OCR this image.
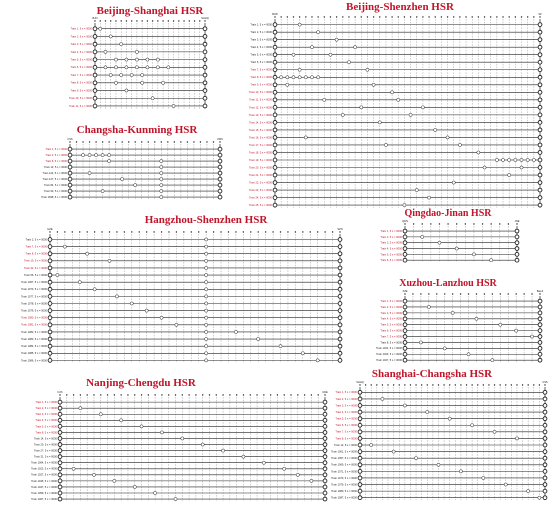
Beijing-Shanghai HSR	Beijing-Shenzhen HSR
Changsha-Kunming HSR
Hangzhou-Shenzhen HSR
Qingdao-Jinan HSR
Xuzhou-Lanzhou HSR
Nanjing-Chengdu HSR
Shanghai-Changsha HSR
BJN	SHHQ
Train 1, 5 s = 0000
Train 2, 5 s = 0000
Train 3, 5 s = 0000
Train 4, 5 s = 0000
Train 5, 5 s = 0000
Train 6, 5 s = 0000
Train 7, 5 s = 0000
Train 8, 5 s = 0000
Train 9, 5 s = 0000
Train 10, 5 s = 0000
Train 11, 5 s = 0000
BJW	SZ
Train 1, 5 s = 0000
Train 2, 5 s = 0000
Train 3, 5 s = 0000
Train 4, 5 s = 0000
Train 5, 5 s = 0000
Train 6, 5 s = 0000
Train 7, 5 s = 0000
Train 8, 5 s = 0000
Train 9, 5 s = 0000
Train 10, 5 s = 0000
Train 11, 5 s = 0000
Train 12, 5 s = 0000
Train 13, 5 s = 0000
Train 14, 5 s = 0000
Train 15, 5 s = 0000
Train 16, 5 s = 0000
Train 17, 5 s = 0000
Train 18, 5 s = 0000
Train 19, 5 s = 0000
Train 20, 5 s = 0000
Train 21, 5 s = 0000
Train 22, 5 s = 0000
Train 23, 5 s = 0000
Train 24, 5 s = 0000
Train 25, 5 s = 0000
CSS	KMS
Train 1, 5 s = 0000
Train 2, 5 s = 0000
Train 8, 5 s = 0000
Train 12, 5 s = 0000
Train 124, 5 s = 0000
Train 127, 5 s = 0000
Train 84, 5 s = 0000
Train 90, 5 s = 0000
Train 1698, 5 s = 0000
HZE	SZN
Train 2, 5 s = 0000
Train 7, 5 s = 0000
Train 8, 5 s = 0000
Train 10, 5 s = 0000
Train 32, 5 s = 0000
Train 56, 5 s = 0000
Train 1067, 5 s = 0000
Train 1073, 5 s = 0000
Train 1077, 5 s = 0000
Train 1078, 5 s = 0000
Train 1079, 5 s = 0000
Train 1080, 5 s = 0000
Train 1081, 5 s = 0000
Train 1082, 5 s = 0000
Train 1083, 5 s = 0000
Train 1084, 5 s = 0000
Train 1085, 5 s = 0000
Train 1086, 5 s = 0000
QDN	JNE
Train 1, 5 s = 0000
Train 2, 5 s = 0000
Train 3, 5 s = 0000
Train 4, 5 s = 0000
Train 5, 5 s = 0000
Train 6, 5 s = 0000
XZE	BaoJi
Train 1, 5 s = 0000
Train 2, 5 s = 0000
Train 3, 5 s = 0000
Train 4, 5 s = 0000
Train 5, 5 s = 0000
Train 6, 5 s = 0000
Train 7, 5 s = 0000
Train 8, 5 s = 0000
Train 1021, 5 s = 0000
Train 1022, 5 s = 0000
Train 1027, 5 s = 0000
NJS	CDE
Train 1, 5 s = 0000
Train 2, 5 s = 0000
Train 3, 5 s = 0000
Train 4, 5 s = 0000
Train 5, 5 s = 0000
Train 8, 5 s = 0000
Train 14, 5 s = 0000
Train 20, 5 s = 0000
Train 27, 5 s = 0000
Train 31, 5 s = 0000
Train 1004, 5 s = 0000
Train 1022, 5 s = 0000
Train 1027, 5 s = 0000
Train 1045, 5 s = 0000
Train 1047, 5 s = 0000
Train 1059, 5 s = 0000
Train 1067, 5 s = 0000
SHHQ	CSS
Train 1, 5 s = 0000
Train 2, 5 s = 0000
Train 3, 5 s = 0000
Train 4, 5 s = 0000
Train 5, 5 s = 0000
Train 6, 5 s = 0000
Train 7, 5 s = 0000
Train 8, 5 s = 0000
Train 12, 5 s = 0000
Train 1001, 5 s = 0000
Train 1057, 5 s = 0000
Train 1069, 5 s = 0000
Train 1071, 5 s = 0000
Train 1073, 5 s = 0000
Train 1079, 5 s = 0000
Train 1080, 5 s = 0000
Train 1087, 5 s = 0000
